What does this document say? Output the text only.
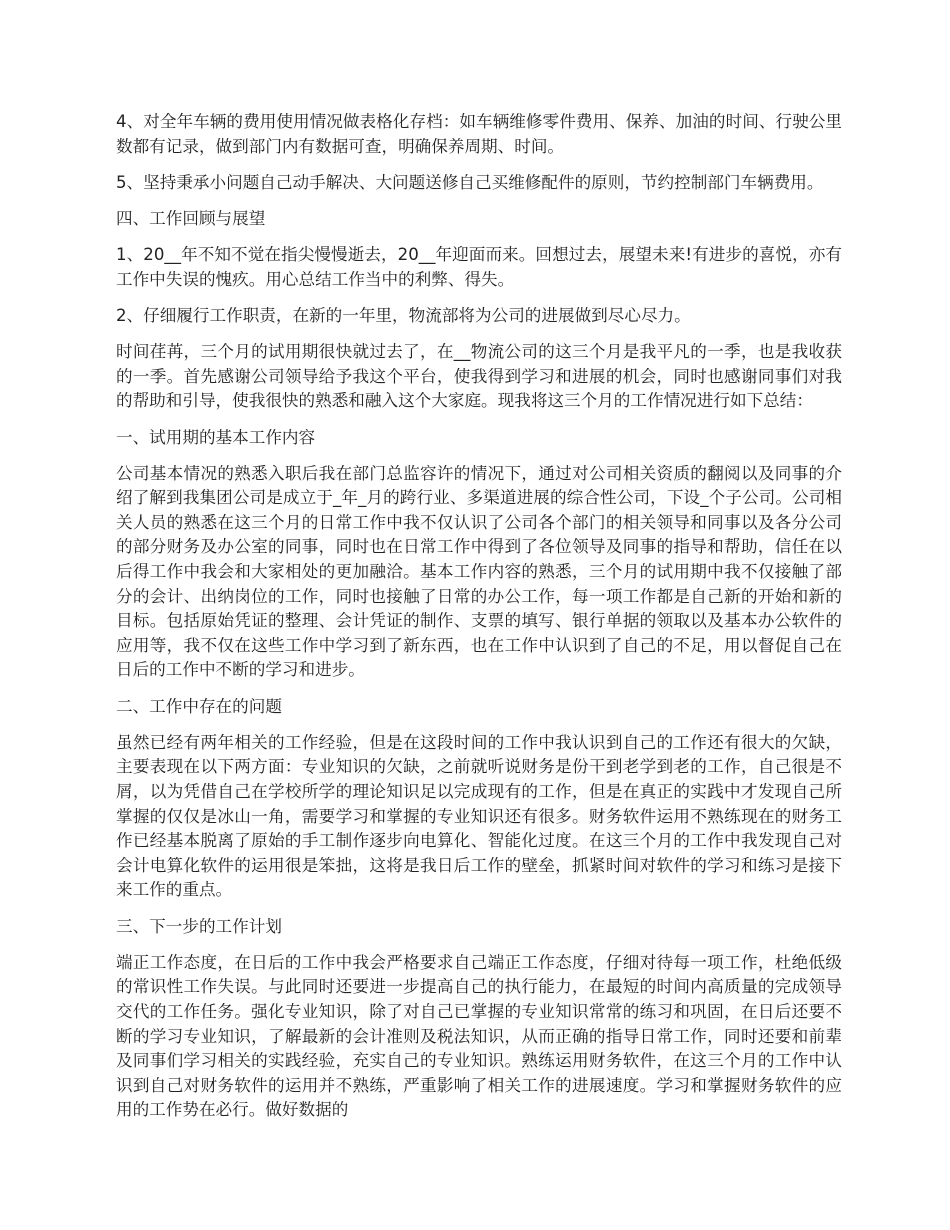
4、对全年车辆的费用使用情况做表格化存档：如车辆维修零件费用、保养、加油的时间、行驶公里数都有记录，做到部门内有数据可查，明确保养周期、时间。

5、坚持秉承小问题自己动手解决、大问题送修自己买维修配件的原则，节约控制部门车辆费用。

四、工作回顾与展望

1、20__年不知不觉在指尖慢慢逝去，20__年迎面而来。回想过去，展望未来!有进步的喜悦，亦有工作中失误的愧疚。用心总结工作当中的利弊、得失。

2、仔细履行工作职责，在新的一年里，物流部将为公司的进展做到尽心尽力。

时间荏苒，三个月的试用期很快就过去了，在__物流公司的这三个月是我平凡的一季，也是我收获的一季。首先感谢公司领导给予我这个平台，使我得到学习和进展的机会，同时也感谢同事们对我的帮助和引导，使我很快的熟悉和融入这个大家庭。现我将这三个月的工作情况进行如下总结：

一、试用期的基本工作内容

公司基本情况的熟悉入职后我在部门总监容许的情况下，通过对公司相关资质的翻阅以及同事的介绍了解到我集团公司是成立于_年_月的跨行业、多渠道进展的综合性公司，下设_个子公司。公司相关人员的熟悉在这三个月的日常工作中我不仅认识了公司各个部门的相关领导和同事以及各分公司的部分财务及办公室的同事，同时也在日常工作中得到了各位领导及同事的指导和帮助，信任在以后得工作中我会和大家相处的更加融洽。基本工作内容的熟悉，三个月的试用期中我不仅接触了部分的会计、出纳岗位的工作，同时也接触了日常的办公工作，每一项工作都是自己新的开始和新的目标。包括原始凭证的整理、会计凭证的制作、支票的填写、银行单据的领取以及基本办公软件的应用等，我不仅在这些工作中学习到了新东西，也在工作中认识到了自己的不足，用以督促自己在日后的工作中不断的学习和进步。

二、工作中存在的问题

虽然已经有两年相关的工作经验，但是在这段时间的工作中我认识到自己的工作还有很大的欠缺，主要表现在以下两方面：专业知识的欠缺，之前就听说财务是份干到老学到老的工作，自己很是不屑，以为凭借自己在学校所学的理论知识足以完成现有的工作，但是在真正的实践中才发现自己所掌握的仅仅是冰山一角，需要学习和掌握的专业知识还有很多。财务软件运用不熟练现在的财务工作已经基本脱离了原始的手工制作逐步向电算化、智能化过度。在这三个月的工作中我发现自己对会计电算化软件的运用很是笨拙，这将是我日后工作的壁垒，抓紧时间对软件的学习和练习是接下来工作的重点。

三、下一步的工作计划

端正工作态度，在日后的工作中我会严格要求自己端正工作态度，仔细对待每一项工作，杜绝低级的常识性工作失误。与此同时还要进一步提高自己的执行能力，在最短的时间内高质量的完成领导交代的工作任务。强化专业知识，除了对自己已掌握的专业知识常常的练习和巩固，在日后还要不断的学习专业知识，了解最新的会计准则及税法知识，从而正确的指导日常工作，同时还要和前辈及同事们学习相关的实践经验，充实自己的专业知识。熟练运用财务软件，在这三个月的工作中认识到自己对财务软件的运用并不熟练，严重影响了相关工作的进展速度。学习和掌握财务软件的应用的工作势在必行。做好数据的
